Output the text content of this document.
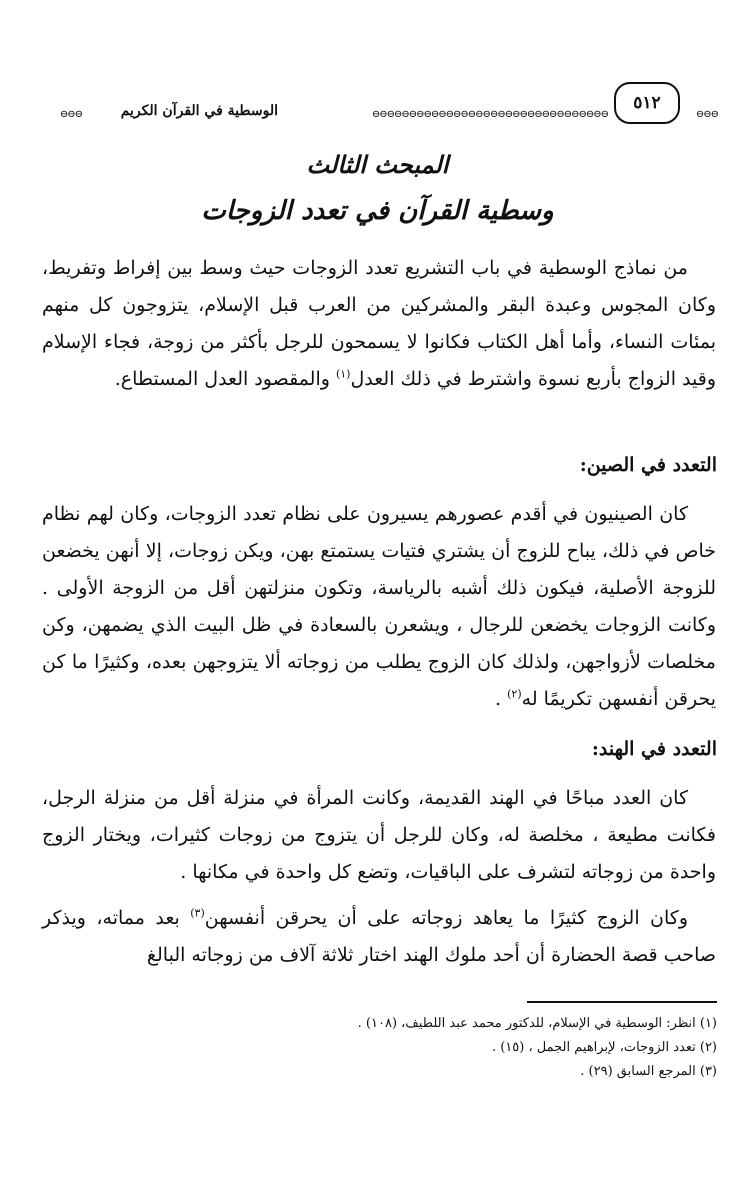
٥١٢
⊖⊖⊖
⊖⊖⊖⊖⊖⊖⊖⊖⊖⊖⊖⊖⊖⊖⊖⊖⊖⊖⊖⊖⊖⊖⊖⊖⊖⊖⊖⊖⊖⊖⊖⊖
الوسطية في القرآن الكريم
⊖⊖⊖
المبحث الثالث
وسطية القرآن في تعدد الزوجات

من نماذج الوسطية في باب التشريع تعدد الزوجات حيث وسط بين إفراط وتفريط، وكان المجوس وعبدة البقر والمشركين من العرب قبل الإسلام، يتزوجون كل منهم بمئات النساء، وأما أهل الكتاب فكانوا لا يسمحون للرجل بأكثر من زوجة، فجاء الإسلام وقيد الزواج بأربع نسوة واشترط في ذلك العدل$^{(١)}$ والمقصود العدل المستطاع.

التعدد في الصين:

كان الصينيون في أقدم عصورهم يسيرون على نظام تعدد الزوجات، وكان لهم نظام خاص في ذلك، يباح للزوج أن يشتري فتيات يستمتع بهن، ويكن زوجات، إلا أنهن يخضعن للزوجة الأصلية، فيكون ذلك أشبه بالرياسة، وتكون منزلتهن أقل من الزوجة الأولى . وكانت الزوجات يخضعن للرجال ، ويشعرن بالسعادة في ظل البيت الذي يضمهن، وكن مخلصات لأزواجهن، ولذلك كان الزوج يطلب من زوجاته ألا يتزوجهن بعده، وكثيرًا ما كن يحرقن أنفسهن تكريمًا له$^{(٢)}$ .

التعدد في الهند:

كان العدد مباحًا في الهند القديمة، وكانت المرأة في منزلة أقل من منزلة الرجل، فكانت مطيعة ، مخلصة له، وكان للرجل أن يتزوج من زوجات كثيرات، ويختار الزوج واحدة من زوجاته لتشرف على الباقيات، وتضع كل واحدة في مكانها .

وكان الزوج كثيرًا ما يعاهد زوجاته على أن يحرقن أنفسهن$^{(٣)}$ بعد مماته، ويذكر صاحب قصة الحضارة أن أحد ملوك الهند اختار ثلاثة آلاف من زوجاته البالغ

(١) انظر: الوسطية في الإسلام، للدكتور محمد عبد اللطيف، (١٠٨) .
(٢) تعدد الزوجات، لإبراهيم الجمل ، (١٥) .
(٣) المرجع السابق (٢٩) .
